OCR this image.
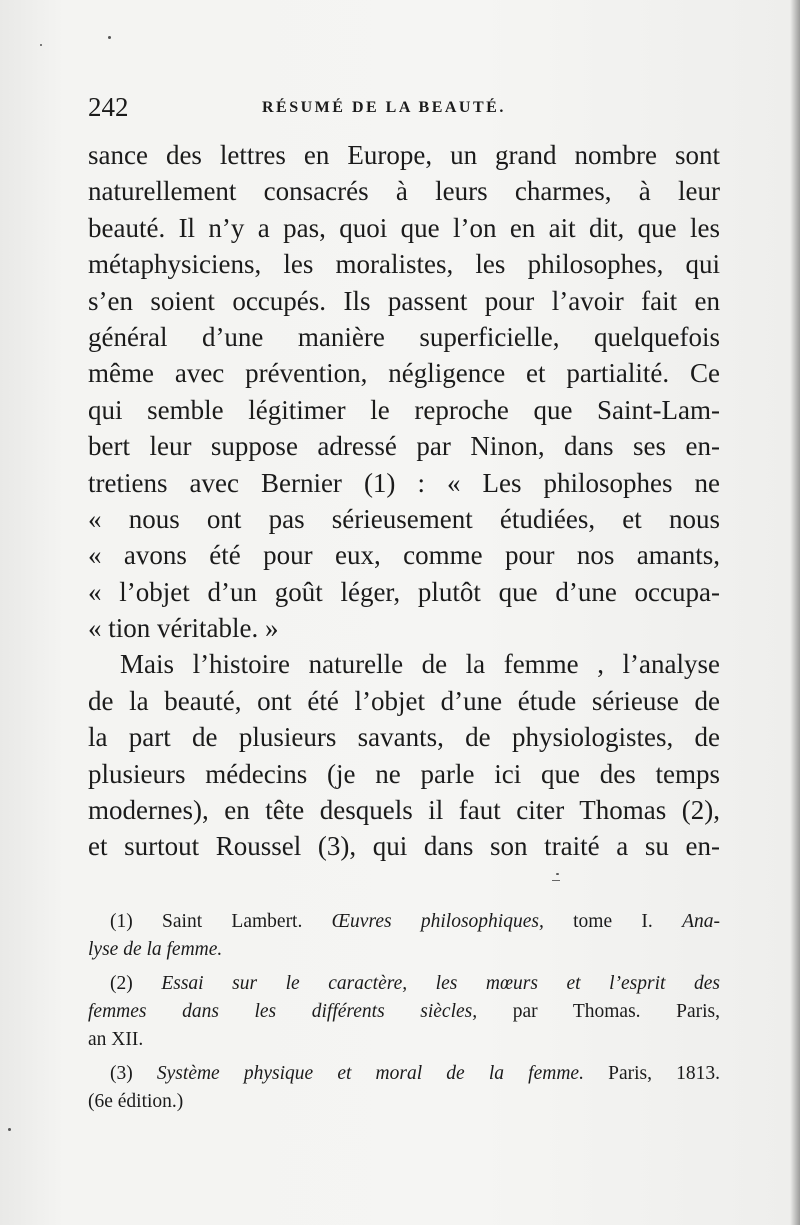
242	RÉSUMÉ DE LA BEAUTÉ.
sance des lettres en Europe, un grand nombre sont
naturellement consacrés à leurs charmes, à leur
beauté. Il n’y a pas, quoi que l’on en ait dit, que les
métaphysiciens, les moralistes, les philosophes, qui
s’en soient occupés. Ils passent pour l’avoir fait en
général d’une manière superficielle, quelquefois
même avec prévention, négligence et partialité. Ce
qui semble légitimer le reproche que Saint-Lam-
bert leur suppose adressé par Ninon, dans ses en-
tretiens avec Bernier (1) : « Les philosophes ne
« nous ont pas sérieusement étudiées, et nous
« avons été pour eux, comme pour nos amants,
« l’objet d’un goût léger, plutôt que d’une occupa-
« tion véritable. »
Mais l’histoire naturelle de la femme , l’analyse
de la beauté, ont été l’objet d’une étude sérieuse de
la part de plusieurs savants, de physiologistes, de
plusieurs médecins (je ne parle ici que des temps
modernes), en tête desquels il faut citer Thomas (2),
et surtout Roussel (3), qui dans son traité a su en-
(1) Saint Lambert. Œuvres philosophiques, tome I. Ana-
lyse de la femme.
(2) Essai sur le caractère, les mœurs et l’esprit des
femmes dans les différents siècles, par Thomas. Paris,
an XII.
(3) Système physique et moral de la femme. Paris, 1813.
(6e édition.)
